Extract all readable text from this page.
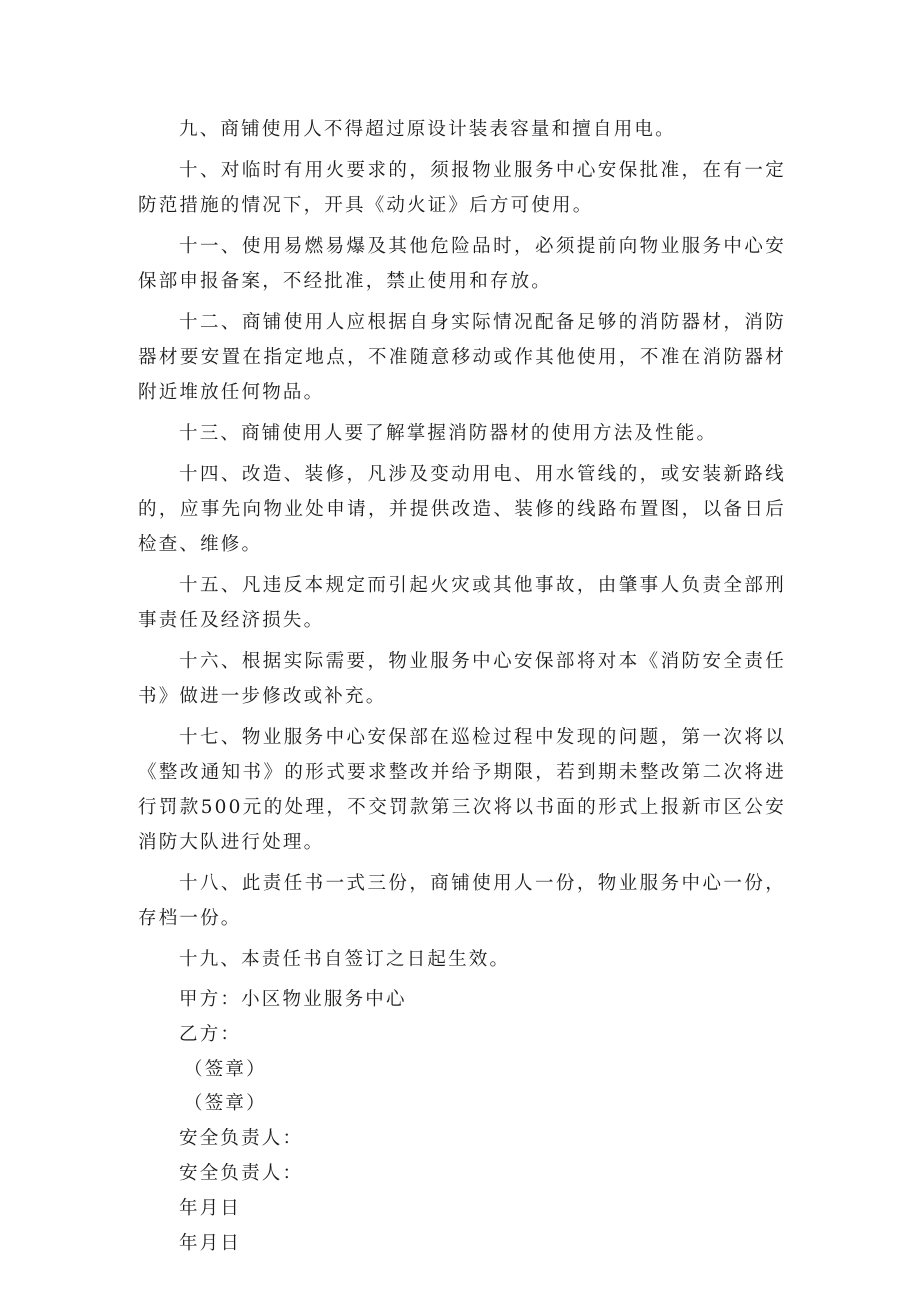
九、商铺使用人不得超过原设计装表容量和擅自用电。

十、对临时有用火要求的，须报物业服务中心安保批准，在有一定防范措施的情况下，开具《动火证》后方可使用。

十一、使用易燃易爆及其他危险品时，必须提前向物业服务中心安保部申报备案，不经批准，禁止使用和存放。

十二、商铺使用人应根据自身实际情况配备足够的消防器材，消防器材要安置在指定地点，不准随意移动或作其他使用，不准在消防器材附近堆放任何物品。

十三、商铺使用人要了解掌握消防器材的使用方法及性能。

十四、改造、装修，凡涉及变动用电、用水管线的，或安装新路线的，应事先向物业处申请，并提供改造、装修的线路布置图，以备日后检查、维修。

十五、凡违反本规定而引起火灾或其他事故，由肇事人负责全部刑事责任及经济损失。

十六、根据实际需要，物业服务中心安保部将对本《消防安全责任书》做进一步修改或补充。

十七、物业服务中心安保部在巡检过程中发现的问题，第一次将以《整改通知书》的形式要求整改并给予期限，若到期未整改第二次将进行罚款500元的处理，不交罚款第三次将以书面的形式上报新市区公安消防大队进行处理。

十八、此责任书一式三份，商铺使用人一份，物业服务中心一份，存档一份。

十九、本责任书自签订之日起生效。

甲方：小区物业服务中心

乙方：

（签章）

（签章）

安全负责人：

安全负责人：

年月日

年月日
